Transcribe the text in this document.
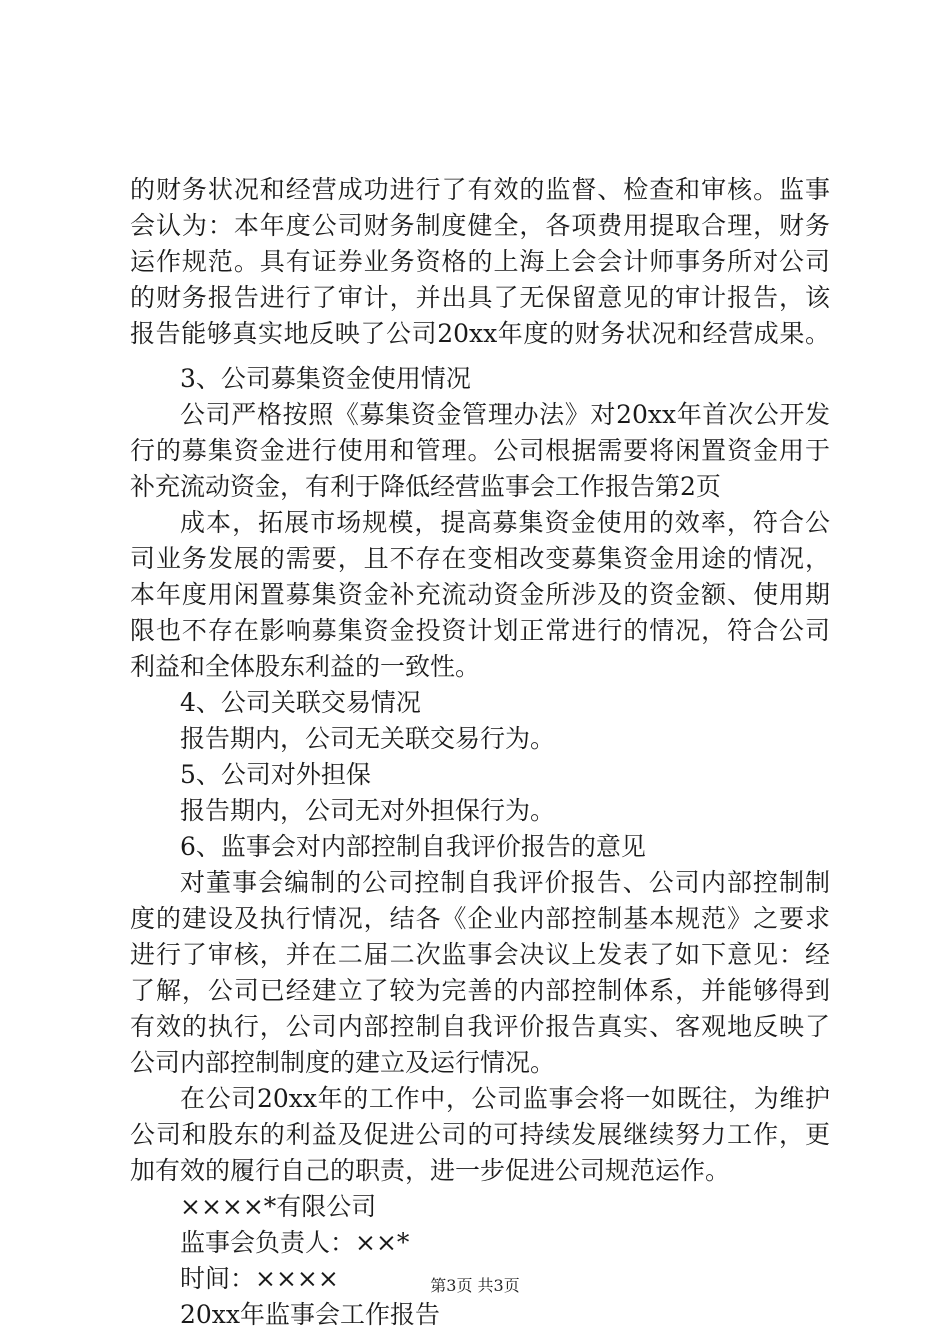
的财务状况和经营成功进行了有效的监督、检查和审核。监事
会认为：本年度公司财务制度健全，各项费用提取合理，财务
运作规范。具有证券业务资格的上海上会会计师事务所对公司
的财务报告进行了审计，并出具了无保留意见的审计报告，该
报告能够真实地反映了公司20xx年度的财务状况和经营成果。
3、公司募集资金使用情况
公司严格按照《募集资金管理办法》对20xx年首次公开发
行的募集资金进行使用和管理。公司根据需要将闲置资金用于
补充流动资金，有利于降低经营监事会工作报告第2页
成本，拓展市场规模，提高募集资金使用的效率，符合公
司业务发展的需要，且不存在变相改变募集资金用途的情况，
本年度用闲置募集资金补充流动资金所涉及的资金额、使用期
限也不存在影响募集资金投资计划正常进行的情况，符合公司
利益和全体股东利益的一致性。
4、公司关联交易情况
报告期内，公司无关联交易行为。
5、公司对外担保
报告期内，公司无对外担保行为。
6、监事会对内部控制自我评价报告的意见
对董事会编制的公司控制自我评价报告、公司内部控制制
度的建设及执行情况，结各《企业内部控制基本规范》之要求
进行了审核，并在二届二次监事会决议上发表了如下意见：经
了解，公司已经建立了较为完善的内部控制体系，并能够得到
有效的执行，公司内部控制自我评价报告真实、客观地反映了
公司内部控制制度的建立及运行情况。
在公司20xx年的工作中，公司监事会将一如既往，为维护
公司和股东的利益及促进公司的可持续发展继续努力工作，更
加有效的履行自己的职责，进一步促进公司规范运作。
××××*有限公司
监事会负责人：××*
时间：××××
20xx年监事会工作报告
第3页 共3页
